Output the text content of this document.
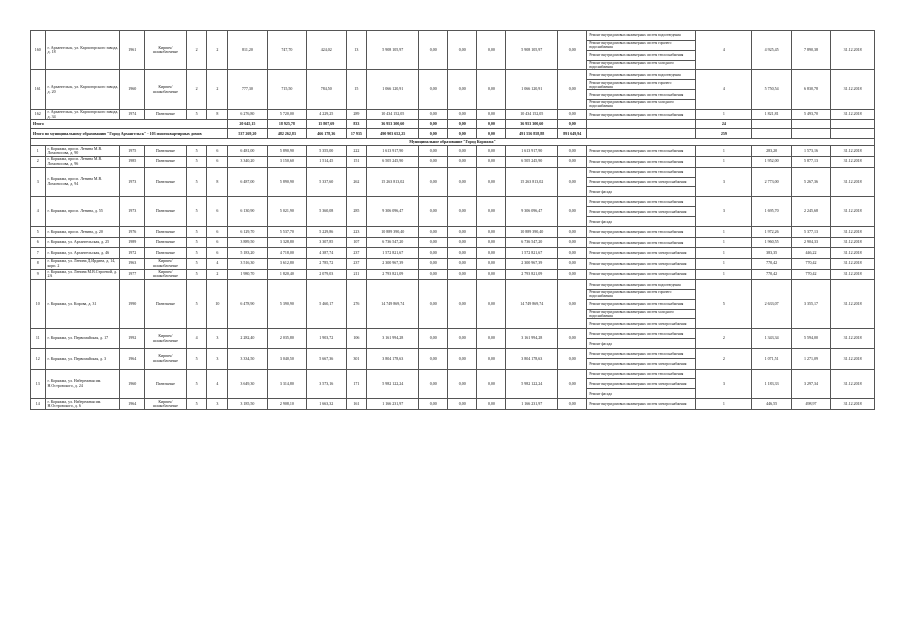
160	г. Архангельск, ул. Карпогорского завода, д. 18	1961	Кирпич/шлакоблочные	2	2	811,20	747,70	424,02	13	5 908 105,97	0,00	0,00	0,00	5 908 105,97	0,00	Ремонт внутридомовых инженерных систем водоотведения
Ремонт внутридомовых инженерных систем горячего водоснабжения
Ремонт внутридомовых инженерных систем теплоснабжения
Ремонт внутридомовых инженерных систем холодного водоснабжения	4	4 925,45	7 890,38	31.12.2018
161	г. Архангельск, ул. Карпогорского завода, д. 20	1960	Кирпич/шлакоблочные	2	2	777,30	715,50	784,50	15	1 066 120,91	0,00	0,00	0,00	1 066 120,91	0,00	Ремонт внутридомовых инженерных систем водоотведения
Ремонт внутридомовых инженерных систем горячего водоснабжения
Ремонт внутридомовых инженерных систем теплоснабжения
Ремонт внутридомовых инженерных систем холодного водоснабжения	4	5 750,54	6 830,78	31.12.2018
162	г. Архангельск, ул. Карпогорского завода, д. 34	1974	Панельные	5	8	6 276,80	5 720,00	4 229,25	289	10 434 152,05	0,00	0,00	0,00	10 434 152,05	0,00	Ремонт внутридомовых инженерных систем теплоснабжения	1	1 821,81	5 493,70	31.12.2018
Итого						20 645,15	18 925,78	15 807,69	833	36 953 300,60	0,00	0,00	0,00	36 953 300,60	0,00		24			
Итого по муниципальному образованию "Город Архангельск" - 103 многоквартирных домов						537 269,20	482 262,83	466 178,36	17 935	490 903 652,25	0,00	0,00	0,00	491 556 858,88	891 649,94		259			
Муниципальное образование "Город Коряжма"																				
1	г. Коряжма, просп. Ленина М.В. Ломоносова, д. 90	1975	Панельные	5	6	6 481,00	5 890,90	5 355,00	222	1 613 917,90	0,00	0,00	0,00	1 613 917,90	0,00	Ремонт внутридомовых инженерных систем теплоснабжения	1	283,20	1 573,16	31.12.2018
2	г. Коряжма, просп. Ленина М.В. Ломоносова, д. 96	1985	Панельные	5	6	3 340,20	3 150,60	1 514,45	151	6 505 245,90	0,00	0,00	0,00	6 505 245,90	0,00	Ремонт внутридомовых инженерных систем теплоснабжения	1	1 952,00	5 877,13	31.12.2018
3	г. Коряжма, просп. Ленина М.В. Ломоносова, д. 94	1973	Панельные	5	8	6 487,00	5 890,90	5 337,60	262	15 263 813,02	0,00	0,00	0,00	15 263 813,02	0,00	Ремонт внутридомовых инженерных систем теплоснабжения
Ремонт внутридомовых инженерных систем электроснабжения
Ремонт фасада	3	2 773,00	5 267,36	31.12.2018
4	г. Коряжма, просп. Ленина, д. 55	1973	Панельные	5	6	6 130,90	5 021,90	5 360,08	285	9 306 096,47	0,00	0,00	0,00	9 306 096,47	0,00	Ремонт внутридомовых инженерных систем теплоснабжения
Ремонт внутридомовых инженерных систем электроснабжения
Ремонт фасада	3	1 695,70	2 245,68	31.12.2018
5	г. Коряжма, просп. Ленина, д. 20	1976	Панельные	5	6	6 129,70	5 537,70	5 229,86	223	10 889 390,40	0,00	0,00	0,00	10 889 390,40	0,00	Ремонт внутридомовых инженерных систем теплоснабжения	1	1 972,26	5 377,13	31.12.2018
6	г. Коряжма, ул. Архангельская, д. 25	1989	Панельные	5	6	3 889,50	3 328,80	3 307,85	107	6 736 547,20	0,00	0,00	0,00	6 736 547,20	0,00	Ремонт внутридомовых инженерных систем теплоснабжения	1	1 960,55	2 904,33	31.12.2018
7	г. Коряжма, ул. Архангельская, д. 46	1972	Панельные	5	6	5 183,20	4 718,00	4 387,74	237	1 572 821,67	0,00	0,00	0,00	1 572 821,67	0,00	Ремонт внутридомовых инженерных систем электроснабжения	1	383,35	446,22	31.12.2018
8	г. Коряжма, ул. Ленина Д.Ирдина, д. 14, корп. 2	1963	Кирпич/шлакоблочные	5	4	3 516,30	3 612,80	2 785,72	237	2 300 967,39	0,00	0,00	0,00	2 300 967,39	0,00	Ремонт внутридомовых инженерных систем электроснабжения	1	770,42	770,42	31.12.2018
9	г. Коряжма, ул. Ленина М.В.Строевой, д. 2А	1977	Кирпич/шлакоблочные	5	2	1 980,70	1 820,40	2 079,03	211	2 793 821,09	0,00	0,00	0,00	2 793 821,09	0,00	Ремонт внутридомовых инженерных систем электроснабжения	1	770,42	770,42	31.12.2018
10	г. Коряжма, ул. Кирова, д. 31	1990	Панельные	5	10	6 478,90	5 390,90	5 460,17	276	14 749 869,74	0,00	0,00	0,00	14 749 869,74	0,00	Ремонт внутридомовых инженерных систем водоотведения
Ремонт внутридомовых инженерных систем горячего водоснабжения
Ремонт внутридомовых инженерных систем теплоснабжения
Ремонт внутридомовых инженерных систем холодного водоснабжения
Ремонт внутридомовых инженерных систем электроснабжения	5	2 633,07	3 355,17	31.12.2018
11	г. Коряжма, ул. Первомайская, д. 17	1992	Кирпич/шлакоблочные	4	3	2 282,40	2 035,80	1 903,72	106	3 161 994,28	0,00	0,00	0,00	3 161 994,28	0,00	Ремонт внутридомовых инженерных систем теплоснабжения
Ремонт фасада	2	1 343,34	5 594,00	31.12.2018
12	г. Коряжма, ул. Первомайская, д. 3	1964	Кирпич/шлакоблочные	5	3	3 334,50	3 040,50	5 667,36	301	3 804 178,63	0,00	0,00	0,00	3 804 178,63	0,00	Ремонт внутридомовых инженерных систем теплоснабжения
Ремонт внутридомовых инженерных систем электроснабжения	2	1 071,51	1 271,09	31.12.2018
13	г. Коряжма, ул. Набережная им. Н.Островского, д. 24	1960	Панельные	5	4	3 649,30	3 314,80	3 573,16	171	5 982 122,24	0,00	0,00	0,00	5 982 122,24	0,00	Ремонт внутридомовых инженерных систем теплоснабжения
Ремонт внутридомовых инженерных систем электроснабжения
Ремонт фасада	3	1 183,33	3 297,34	31.12.2018
14	г. Коряжма, ул. Набережная им. Н.Островского, д. 6	1964	Кирпич/шлакоблочные	5	3	3 185,50	2 908,10	1 663,32	161	1 166 231,97	0,00	0,00	0,00	1 166 231,97	0,00	Ремонт внутридомовых инженерных систем электроснабжения	1	446,55	498,97	31.12.2018
